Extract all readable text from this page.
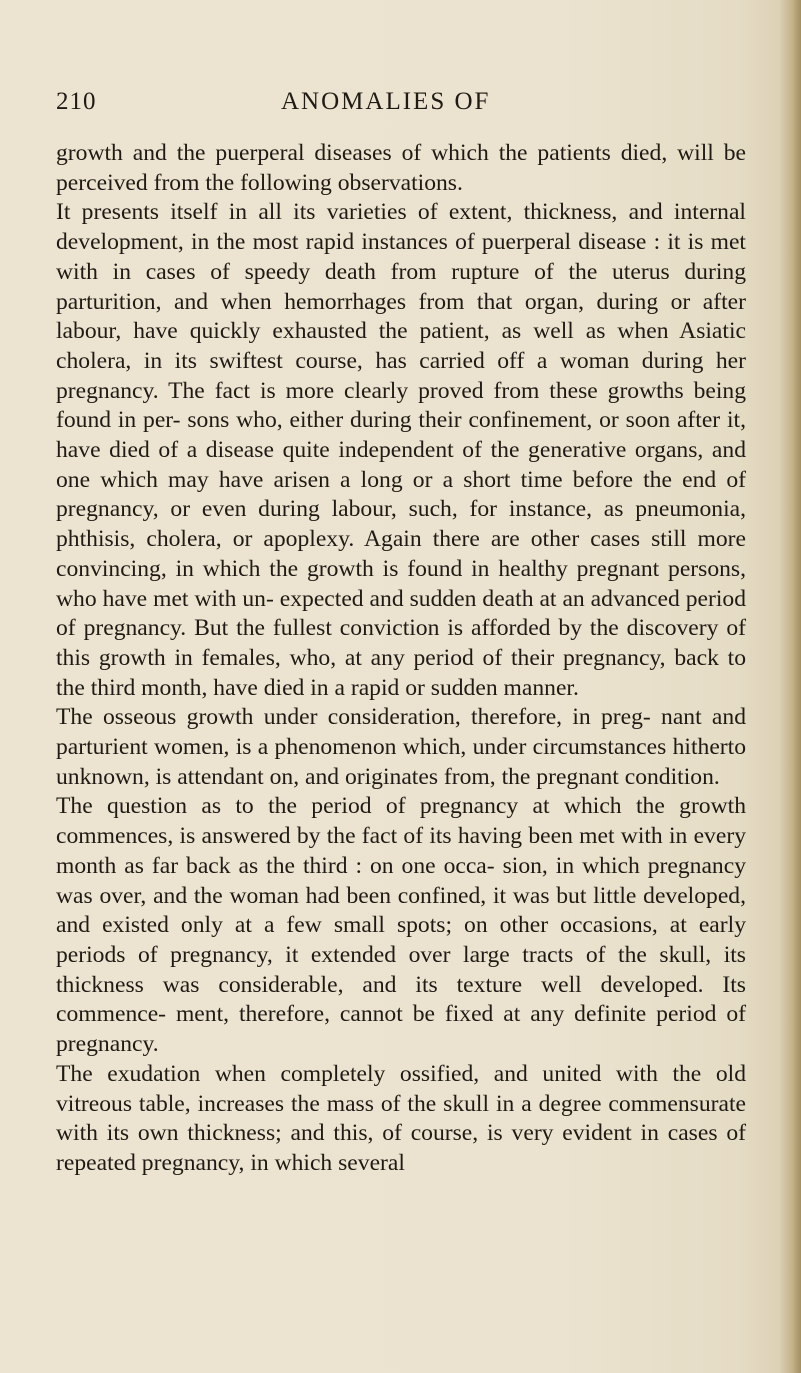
210	ANOMALIES OF

growth and the puerperal diseases of which the patients died, will be perceived from the following observations.

It presents itself in all its varieties of extent, thickness, and internal development, in the most rapid instances of puerperal disease : it is met with in cases of speedy death from rupture of the uterus during parturition, and when hemorrhages from that organ, during or after labour, have quickly exhausted the patient, as well as when Asiatic cholera, in its swiftest course, has carried off a woman during her pregnancy. The fact is more clearly proved from these growths being found in per- sons who, either during their confinement, or soon after it, have died of a disease quite independent of the generative organs, and one which may have arisen a long or a short time before the end of pregnancy, or even during labour, such, for instance, as pneumonia, phthisis, cholera, or apoplexy. Again there are other cases still more convincing, in which the growth is found in healthy pregnant persons, who have met with un- expected and sudden death at an advanced period of pregnancy. But the fullest conviction is afforded by the discovery of this growth in females, who, at any period of their pregnancy, back to the third month, have died in a rapid or sudden manner.

The osseous growth under consideration, therefore, in preg- nant and parturient women, is a phenomenon which, under circumstances hitherto unknown, is attendant on, and originates from, the pregnant condition.

The question as to the period of pregnancy at which the growth commences, is answered by the fact of its having been met with in every month as far back as the third : on one occa- sion, in which pregnancy was over, and the woman had been confined, it was but little developed, and existed only at a few small spots; on other occasions, at early periods of pregnancy, it extended over large tracts of the skull, its thickness was considerable, and its texture well developed. Its commence- ment, therefore, cannot be fixed at any definite period of pregnancy.

The exudation when completely ossified, and united with the old vitreous table, increases the mass of the skull in a degree commensurate with its own thickness; and this, of course, is very evident in cases of repeated pregnancy, in which several
